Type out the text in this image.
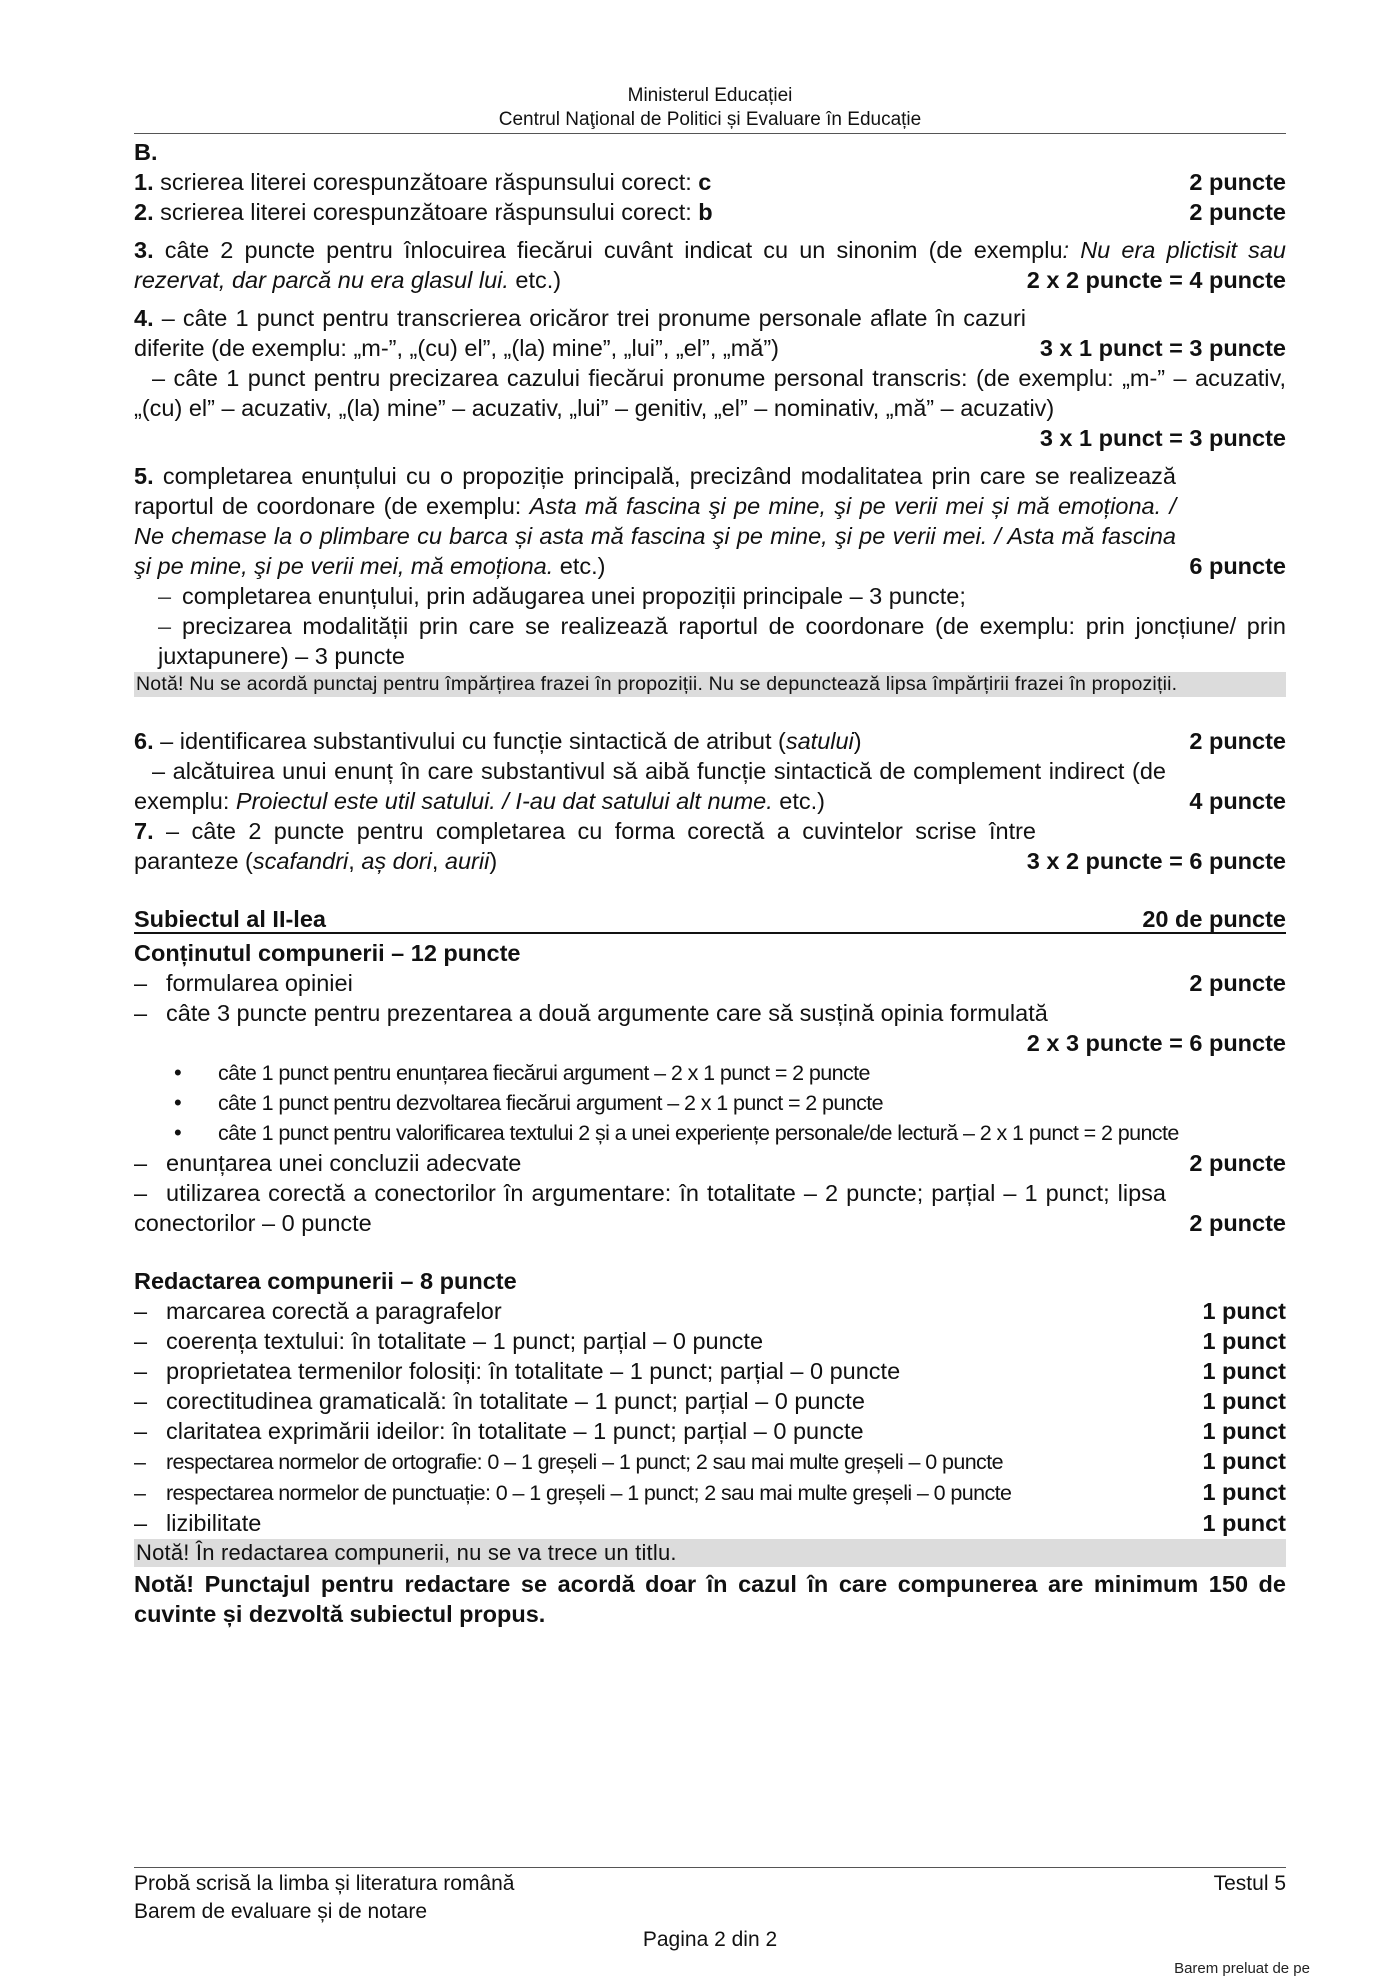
Ministerul Educației
Centrul Naţional de Politici și Evaluare în Educație

B.

1. scrierea literei corespunzătoare răspunsului corect: c	2 puncte
2. scrierea literei corespunzătoare răspunsului corect: b	2 puncte
3. câte 2 puncte pentru înlocuirea fiecărui cuvânt indicat cu un sinonim (de exemplu: Nu era plictisit sau rezervat, dar parcă nu era glasul lui. etc.)	2 x 2 puncte = 4 puncte

4. – câte 1 punct pentru transcrierea oricăror trei pronume personale aflate în cazuri diferite (de exemplu: „m-”, „(cu) el”, „(la) mine”, „lui”, „el”, „mă”)	3 x 1 punct = 3 puncte

– câte 1 punct pentru precizarea cazului fiecărui pronume personal transcris: (de exemplu: „m-” – acuzativ, „(cu) el” – acuzativ, „(la) mine” – acuzativ, „lui” – genitiv, „el” – nominativ, „mă” – acuzativ)

3 x 1 punct = 3 puncte

5. completarea enunțului cu o propoziție principală, precizând modalitatea prin care se realizează raportul de coordonare (de exemplu: Asta mă fascina şi pe mine, şi pe verii mei și mă emoționa. / Ne chemase la o plimbare cu barca și asta mă fascina şi pe mine, şi pe verii mei. / Asta mă fascina şi pe mine, şi pe verii mei, mă emoționa. etc.)	6 puncte

– completarea enunțului, prin adăugarea unei propoziții principale – 3 puncte;

– precizarea modalității prin care se realizează raportul de coordonare (de exemplu: prin joncțiune/ prin juxtapunere) – 3 puncte

Notă! Nu se acordă punctaj pentru împărțirea frazei în propoziții. Nu se depunctează lipsa împărțirii frazei în propoziții.
6. – identificarea substantivului cu funcție sintactică de atribut (satului)	2 puncte

– alcătuirea unui enunț în care substantivul să aibă funcție sintactică de complement indirect (de exemplu: Proiectul este util satului. / I-au dat satului alt nume. etc.)	4 puncte

7. – câte 2 puncte pentru completarea cu forma corectă a cuvintelor scrise între paranteze (scafandri, aș dori, aurii)	3 x 2 puncte = 6 puncte
Subiectul al II-lea	20 de puncte

Conținutul compunerii – 12 puncte

– formularea opiniei	2 puncte

– câte 3 puncte pentru prezentarea a două argumente care să susțină opinia formulată

2 x 3 puncte = 6 puncte
•	câte 1 punct pentru enunțarea fiecărui argument – 2 x 1 punct = 2 puncte
•	câte 1 punct pentru dezvoltarea fiecărui argument – 2 x 1 punct = 2 puncte
•	câte 1 punct pentru valorificarea textului 2 și a unei experiențe personale/de lectură – 2 x 1 punct = 2 puncte
– enunțarea unei concluzii adecvate	2 puncte

– utilizarea corectă a conectorilor în argumentare: în totalitate – 2 puncte; parțial – 1 punct; lipsa conectorilor – 0 puncte	2 puncte

Redactarea compunerii – 8 puncte

– marcarea corectă a paragrafelor	1 punct
– coerența textului: în totalitate – 1 punct; parțial – 0 puncte	1 punct
– proprietatea termenilor folosiți: în totalitate – 1 punct; parțial – 0 puncte	1 punct
– corectitudinea gramaticală: în totalitate – 1 punct; parțial – 0 puncte	1 punct
– claritatea exprimării ideilor: în totalitate – 1 punct; parțial – 0 puncte	1 punct
– respectarea normelor de ortografie: 0 – 1 greșeli – 1 punct; 2 sau mai multe greșeli – 0 puncte	1 punct
– respectarea normelor de punctuație: 0 – 1 greșeli – 1 punct; 2 sau mai multe greșeli – 0 puncte	1 punct
– lizibilitate	1 punct
Notă! În redactarea compunerii, nu se va trece un titlu.

Notă! Punctajul pentru redactare se acordă doar în cazul în care compunerea are minimum 150 de cuvinte și dezvoltă subiectul propus.

Probă scrisă la limba și literatura română	Testul 5
Barem de evaluare și de notare
Pagina 2 din 2
Barem preluat de pe
